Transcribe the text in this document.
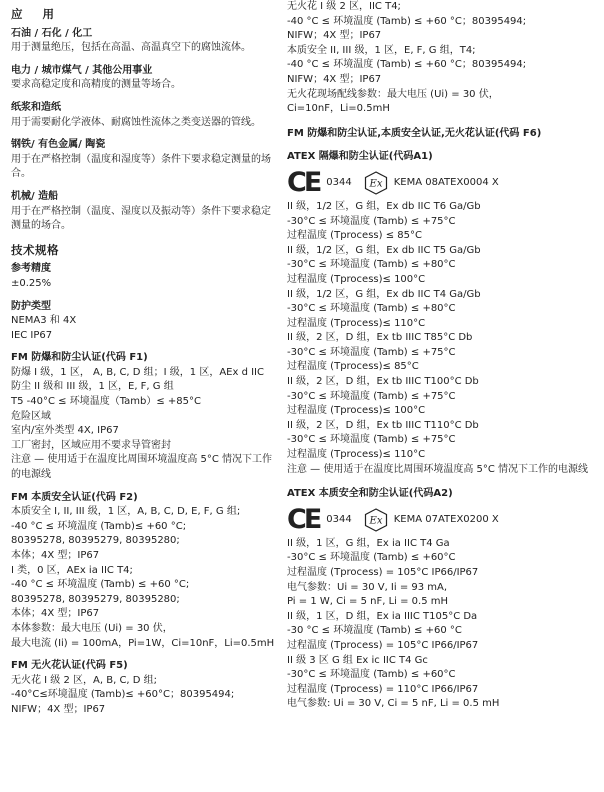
应 用
石油 / 石化 / 化工
用于测量绝压，包括在高温、高温真空下的腐蚀流体。
电力 / 城市煤气 / 其他公用事业
要求高稳定度和高精度的测量等场合。
纸浆和造纸
用于需要耐化学液体、耐腐蚀性流体之类变送器的管线。
钢铁/ 有色金属/ 陶瓷
用于在严格控制（温度和湿度等）条件下要求稳定测量的场合。
机械/ 造船
用于在严格控制（温度、湿度以及振动等）条件下要求稳定测量的场合。
技术规格
参考精度
±0.25%
防护类型
NEMA3 和 4X
IEC IP67
FM 防爆和防尘认证(代码 F1)
防爆 I 级，1 区， A, B, C, D 组；I 级，1 区，AEx d IIC
防尘 II 级和 III 级，1 区，E, F, G 组
T5 -40°C ≤ 环境温度（Tamb）≤ +85°C
危险区域
室内/室外类型 4X, IP67
工厂密封，区域应用不要求导管密封
注意 — 使用适于在温度比周围环境温度高 5°C 情况下工作的电源线
FM 本质安全认证(代码 F2)
本质安全 I, II, III 级，1 区，A, B, C, D, E, F, G 组;
-40 °C ≤ 环境温度 (Tamb)≤ +60 °C;
80395278, 80395279, 80395280;
本体；4X 型；IP67
I 类，0 区，AEx ia IIC T4;
-40 °C ≤ 环境温度 (Tamb) ≤ +60 °C;
80395278, 80395279, 80395280;
本体；4X 型；IP67
本体参数：最大电压 (Ui) = 30 伏，
最大电流 (Ii) = 100mA，Pi=1W，Ci=10nF，Li=0.5mH
FM 无火花认证(代码 F5)
无火花 I 级 2 区，A, B, C, D 组;
-40°C≤环境温度 (Tamb)≤ +60°C；80395494;
NIFW；4X 型；IP67
无火花 I 级 2 区，IIC T4;
-40 °C ≤ 环境温度 (Tamb) ≤ +60 °C；80395494;
NIFW；4X 型；IP67
本质安全 II, III 级，1 区，E, F, G 组，T4;
-40 °C ≤ 环境温度 (Tamb) ≤ +60 °C；80395494;
NIFW；4X 型；IP67
无火花现场配线参数：最大电压 (Ui) = 30 伏，
Ci=10nF，Li=0.5mH
FM 防爆和防尘认证,本质安全认证,无火花认证(代码 F6)
ATEX 隔爆和防尘认证(代码A1)
CE 0344 Ex KEMA 08ATEX0004 X
II 级，1/2 区，G 组，Ex db IIC T6 Ga/Gb
-30°C ≤ 环境温度 (Tamb) ≤ +75°C
过程温度 (Tprocess) ≤ 85°C
II 级，1/2 区，G 组，Ex db IIC T5 Ga/Gb
-30°C ≤ 环境温度 (Tamb) ≤ +80°C
过程温度 (Tprocess)≤ 100°C
II 级，1/2 区，G 组，Ex db IIC T4 Ga/Gb
-30°C ≤ 环境温度 (Tamb) ≤ +80°C
过程温度 (Tprocess)≤ 110°C
II 级，2 区，D 组，Ex tb IIIC T85°C Db
-30°C ≤ 环境温度 (Tamb) ≤ +75°C
过程温度 (Tprocess)≤ 85°C
II 级，2 区，D 组，Ex tb IIIC T100°C Db
-30°C ≤ 环境温度 (Tamb) ≤ +75°C
过程温度 (Tprocess)≤ 100°C
II 级，2 区，D 组，Ex tb IIIC T110°C Db
-30°C ≤ 环境温度 (Tamb) ≤ +75°C
过程温度 (Tprocess)≤ 110°C
注意 — 使用适于在温度比周围环境温度高 5°C 情况下工作的电源线
ATEX 本质安全和防尘认证(代码A2)
CE 0344 Ex KEMA 07ATEX0200 X
II 级，1 区，G 组，Ex ia IIC T4 Ga
-30°C ≤ 环境温度 (Tamb) ≤ +60°C
过程温度 (Tprocess) = 105°C IP66/IP67
电气参数：Ui = 30 V, Ii = 93 mA,
Pi = 1 W, Ci = 5 nF, Li = 0.5 mH
II 级，1 区，D 组，Ex ia IIIC T105°C Da
-30 °C ≤ 环境温度 (Tamb) ≤ +60 °C
过程温度 (Tprocess) = 105°C IP66/IP67
II 级 3 区 G 组 Ex ic IIC T4 Gc
-30°C ≤ 环境温度 (Tamb) ≤ +60°C
过程温度 (Tprocess) = 110°C IP66/IP67
电气参数: Ui = 30 V, Ci = 5 nF, Li = 0.5 mH
